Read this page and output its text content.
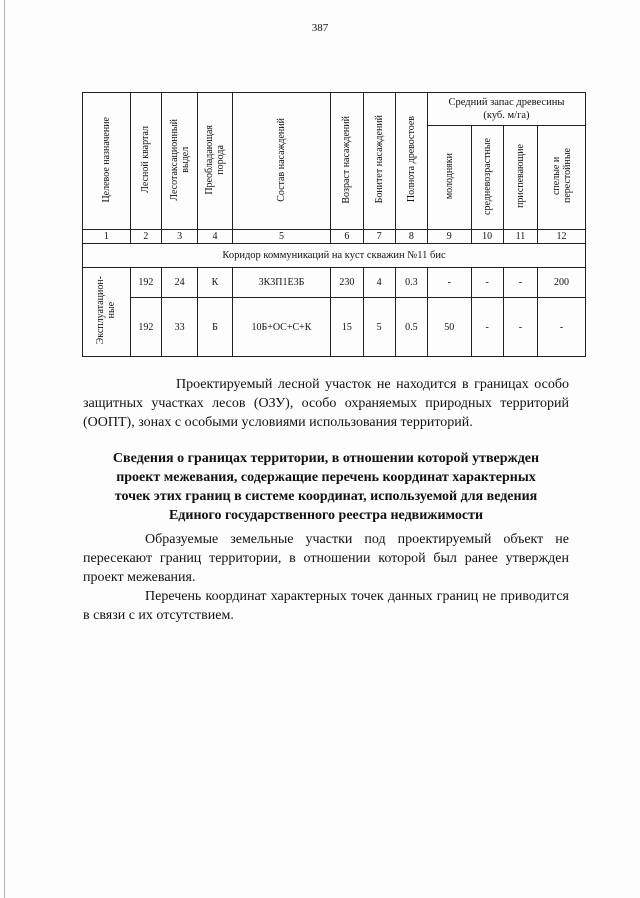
387
Целевое назначение	Лесной квартал	Лесотаксационный
выдел	Преобладающая
порода	Состав насаждений	Возраст насаждений	Бонитет насаждений	Полнота древостоев	Средний запас древесины
(куб. м/га)			
								молодняки	средневозрастные	приспевающие	спелые и
перестойные
1	2	3	4	5	6	7	8	9	10	11	12
Коридор коммуникаций на куст скважин №11 бис											
Эксплуатацион-
ные	192	24	К	3К3П1Е3Б	230	4	0.3	-	-	-	200
	192	33	Б	10Б+ОС+С+К	15	5	0.5	50	-	-	-
Проектируемый лесной участок не находится в границах особо защитных участках лесов (ОЗУ), особо охраняемых природных территорий (ООПТ), зонах с особыми условиями использования территорий.
Сведения о границах территории, в отношении которой утвержден
проект межевания, содержащие перечень координат характерных
точек этих границ в системе координат, используемой для ведения
Единого государственного реестра недвижимости
Образуемые земельные участки под проектируемый объект не пересекают границ территории, в отношении которой был ранее утвержден проект межевания.
Перечень координат характерных точек данных границ не приводится в связи с их отсутствием.
